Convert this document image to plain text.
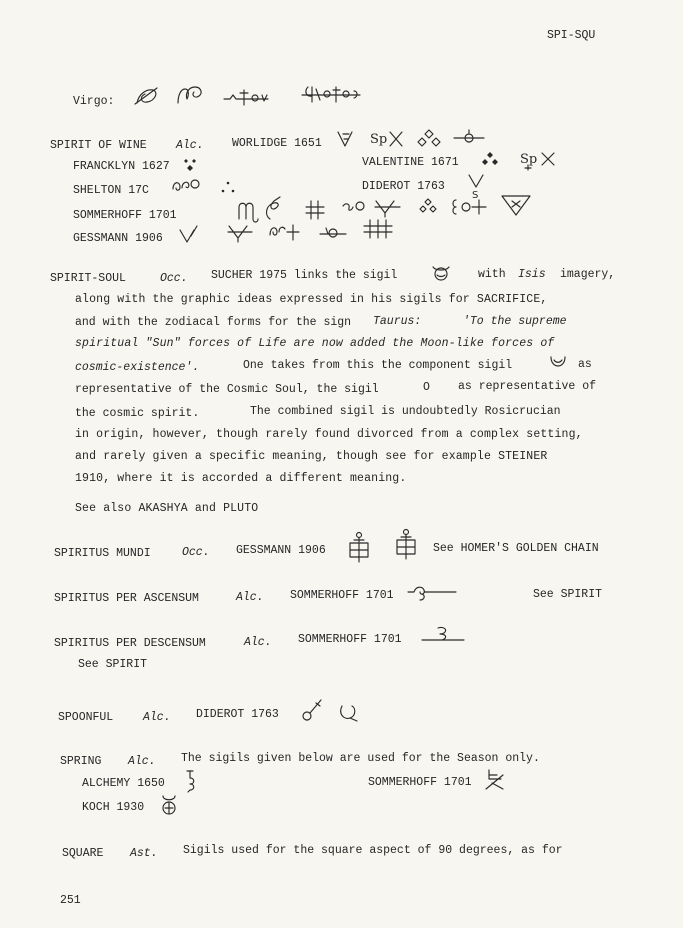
SPI-SQU
Virgo:
SPIRIT OF WINE	Alc. WORLIDGE 1651	Sp
FRANCKLYN 1627	VALENTINE 1671	Sp
SHELTON 17C	DIDEROT 1763
S
SOMMERHOFF 1701
GESSMANN 1906
SPIRIT-SOUL	Occ. SUCHER 1975 links the sigil	with Isis imagery,
along with the graphic ideas expressed in his sigils for SACRIFICE,
and with the zodiacal forms for the sign Taurus:	'To the supreme
spiritual "Sun" forces of Life are now added the Moon-like forces of
cosmic-existence'.	One takes from this the component sigil	as
representative of the Cosmic Soul, the sigil	O as representative of
the cosmic spirit.	The combined sigil is undoubtedly Rosicrucian
in origin, however, though rarely found divorced from a complex setting,
and rarely given a specific meaning, though see for example STEINER
1910, where it is accorded a different meaning.
See also AKASHYA and PLUTO
SPIRITUS MUNDI	Occ. GESSMANN 1906	See HOMER'S GOLDEN CHAIN
SPIRITUS PER ASCENSUM	Alc. SOMMERHOFF 1701	See SPIRIT
SPIRITUS PER DESCENSUM	Alc. SOMMERHOFF 1701
See SPIRIT
SPOONFUL	Alc. DIDEROT 1763
SPRING Alc. The sigils given below are used for the Season only.
ALCHEMY 1650	SOMMERHOFF 1701
KOCH 1930
SQUARE Ast. Sigils used for the square aspect of 90 degrees, as for
251
